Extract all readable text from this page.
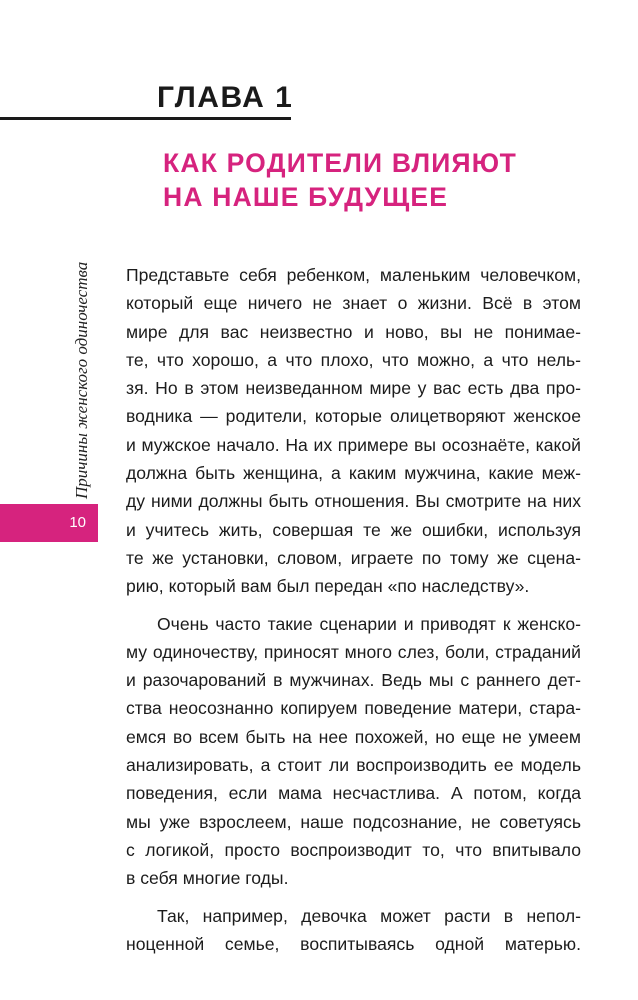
ГЛАВА 1
КАК РОДИТЕЛИ ВЛИЯЮТ
НА НАШЕ БУДУЩЕЕ
Причины женского одиночества
10
Представьте себя ребенком, маленьким человечком,
который еще ничего не знает о жизни. Всё в этом
мире для вас неизвестно и ново, вы не понимае-
те, что хорошо, а что плохо, что можно, а что нель-
зя. Но в этом неизведанном мире у вас есть два про-
водника — родители, которые олицетворяют женское
и мужское начало. На их примере вы осознаёте, какой
должна быть женщина, а каким мужчина, какие меж-
ду ними должны быть отношения. Вы смотрите на них
и учитесь жить, совершая те же ошибки, используя
те же установки, словом, играете по тому же сцена-
рию, который вам был передан «по наследству».
Очень часто такие сценарии и приводят к женско-
му одиночеству, приносят много слез, боли, страданий
и разочарований в мужчинах. Ведь мы с раннего дет-
ства неосознанно копируем поведение матери, стара-
емся во всем быть на нее похожей, но еще не умеем
анализировать, а стоит ли воспроизводить ее модель
поведения, если мама несчастлива. А потом, когда
мы уже взрослеем, наше подсознание, не советуясь
с логикой, просто воспроизводит то, что впитывало
в себя многие годы.
Так, например, девочка может расти в непол-
ноценной семье, воспитываясь одной матерью.
